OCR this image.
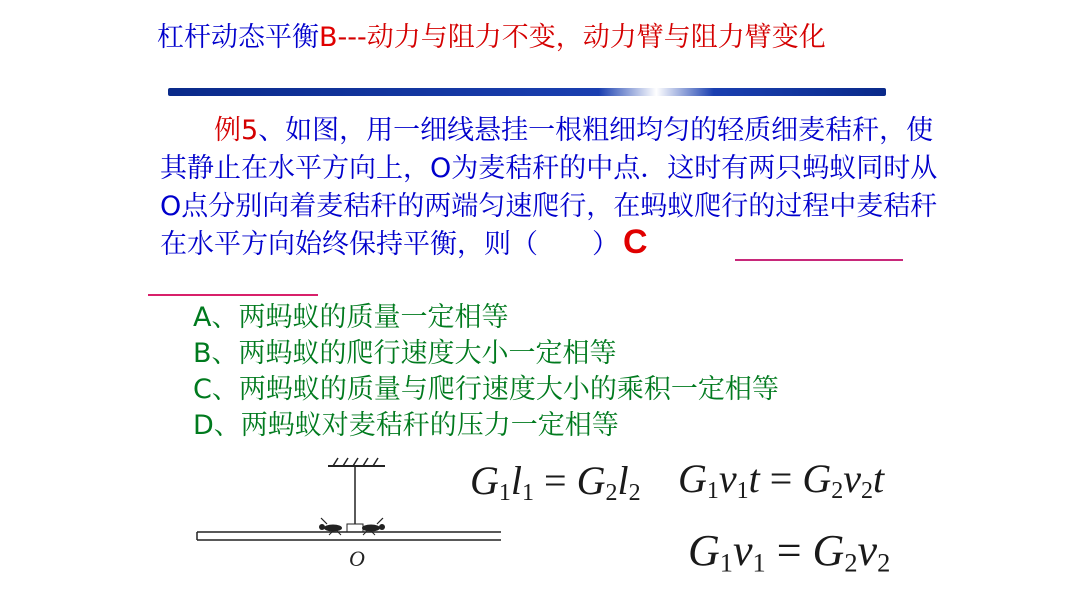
杠杆动态平衡B---动力与阻力不变，动力臂与阻力臂变化
例5、如图，用一细线悬挂一根粗细均匀的轻质细麦秸秆，使其静止在水平方向上，O为麦秸秆的中点．这时有两只蚂蚁同时从O点分别向着麦秸秆的两端匀速爬行，在蚂蚁爬行的过程中麦秸秆在水平方向始终保持平衡，则（　　） C
A、两蚂蚁的质量一定相等
B、两蚂蚁的爬行速度大小一定相等
C、两蚂蚁的质量与爬行速度大小的乘积一定相等
D、两蚂蚁对麦秸秆的压力一定相等
O
$G_1l_1 = G_2l_2$ $G_1v_1t = G_2v_2t$
$G_1v_1 = G_2v_2$
